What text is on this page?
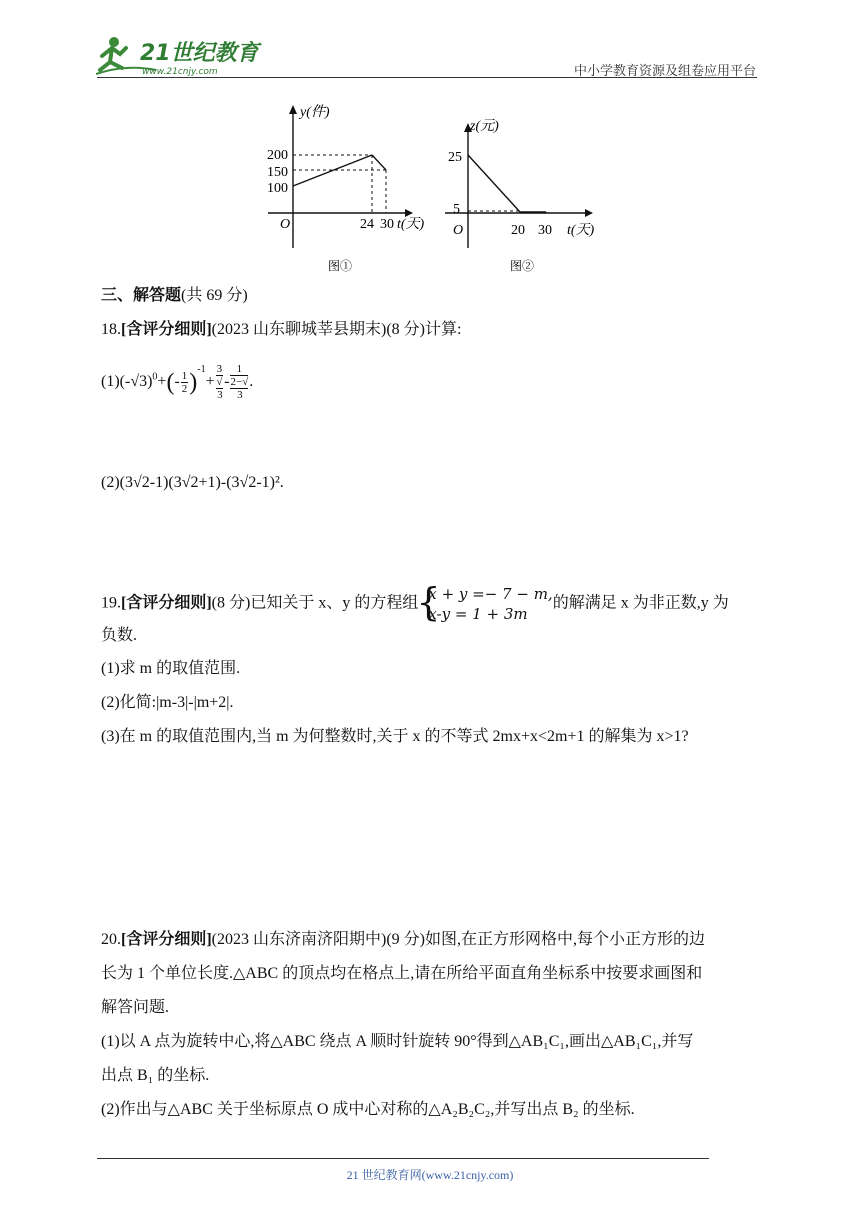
21世纪教育
www.21cnjy.com	中小学教育资源及组卷应用平台
y(件)
200
150
100
O	24 30 t(天)
图①
z(元)
25
5
O	20 30 t(天)
图②
三、解答题(共 69 分)
18.[含评分细则](2023 山东聊城莘县期末)(8 分)计算:
$(1)(-√3)^0+(- \frac{1}{2} )^{-1}+ 3$
√
3 - 1
2−√
3 .
(2)(3√2-1)(3√2+1)-(3√2-1)².
19.[含评分细则](8 分)已知关于 x、y 的方程组
{
x + y =− 7 − m,
x-y = 1 + 3m
的解满足 x 为非正数,y 为
负数.
(1)求 m 的取值范围.
(2)化简:|m-3|-|m+2|.
(3)在 m 的取值范围内,当 m 为何整数时,关于 x 的不等式 2mx+x<2m+1 的解集为 x>1?
20.[含评分细则](2023 山东济南济阳期中)(9 分)如图,在正方形网格中,每个小正方形的边
长为 1 个单位长度.△ABC 的顶点均在格点上,请在所给平面直角坐标系中按要求画图和
解答问题.
(1)以 A 点为旋转中心,将△ABC 绕点 A 顺时针旋转 90°得到△AB₁C₁,画出△AB₁C₁,并写
出点 B₁ 的坐标.
(2)作出与△ABC 关于坐标原点 O 成中心对称的△A₂B₂C₂,并写出点 B₂ 的坐标.
21 世纪教育网(www.21cnjy.com)
